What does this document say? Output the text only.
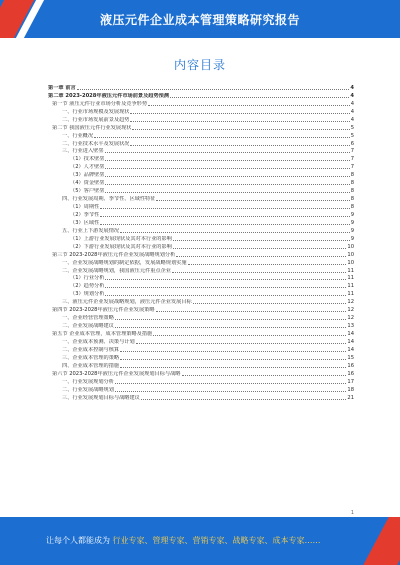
液压元件企业成本管理策略研究报告
内容目录
第一章 前言	4
第二章 2023-2028年液压元件市场前景及趋势预测	4
第一节 液压元件行业市场分析及竞争形势	4
一、行业市场规模及发展现状	4
二、行业市场发展前景及趋势	4
第二节 我国液压元件行业发展现状	5
一、行业概况	5
二、行业技术水平及发展状况	6
三、行业进入壁垒	7
（1）技术壁垒	7
（2）人才壁垒	7
（3）品牌壁垒	8
（4）资金壁垒	8
（5）客户壁垒	8
四、行业发展周期、季节性、区域性特征	8
（1）周期性	8
（2）季节性	9
（3）区域性	9
五、行业上下游发展情况	9
（1）上游行业发展现状及其对本行业的影响	9
（2）下游行业发展现状及其对本行业的影响	10
第三节 2023-2028年液压元件企业发展战略规划分析	10
一、企业发展战略规划的制定依据，发展战略规划实施	10
二、企业发展战略规划，我国液压元件重点企业	11
（1）行业分析	11
（2）趋势分析	11
（3）规划分析	11
三、液压元件企业发展战略规划，液压元件企业发展目标	12
第四节 2023-2028年液压元件企业发展策略	12
一、企业经营管理策略	12
二、企业发展战略建议	13
第五节 企业成本管理，成本管理策略及措施	14
一、企业成本预测、决策与计划	14
二、企业成本控制与核算	14
三、企业成本管理的策略	15
四、企业成本管理的措施	16
第六节 2023-2028年液压元件企业发展规划目标与战略	16
一、行业发展规划分析	17
二、行业发展战略规划	18
三、行业发展规划目标与战略建议	21
1
让每个人都能成为 行业专家、管理专家、营销专家、战略专家、成本专家……
